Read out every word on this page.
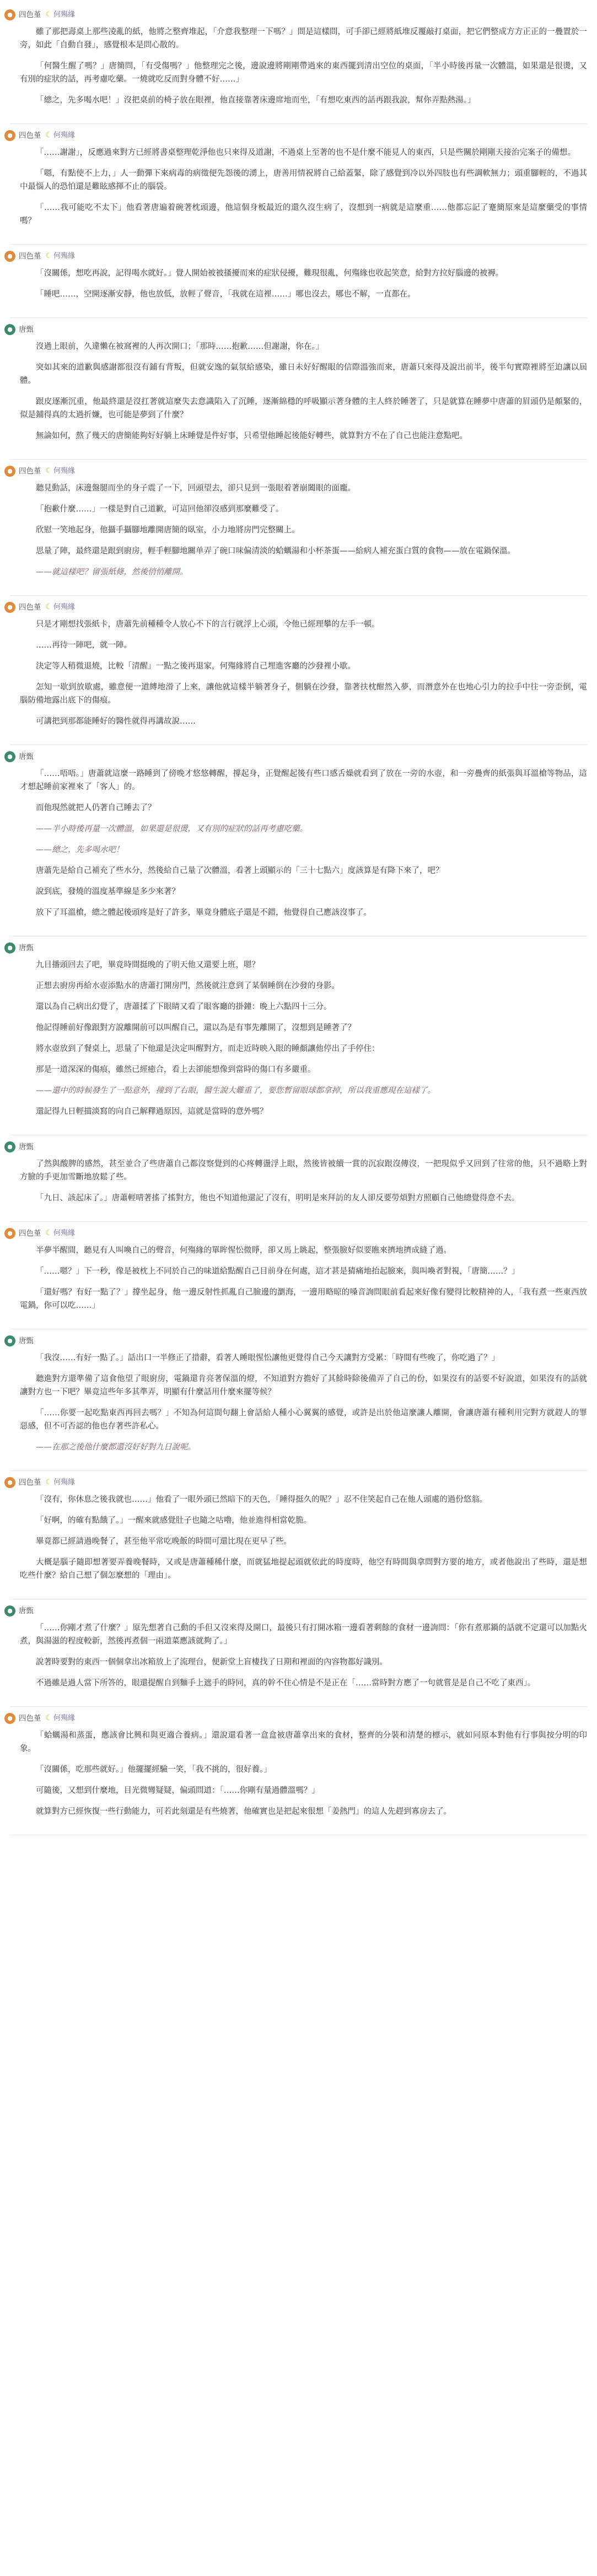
● 四色堇 ☾ 何殤緣

雖了那把壽桌上那些凌亂的紙，他將之整齊堆起，「介意我整理一下嗎？」問是這樣問，可手卻已經將紙堆反覆敲打桌面，把它們整成方方正正的一疊置於一旁，如此「自動自發」，感覺根本是問心散的。

「何醫生醒了嗎？」唐簡問，「有受傷嗎？」他整理完之後，邊說邊將剛剛帶過來的東西擺到清出空位的桌面，「半小時後再量一次體溫，如果還是很燙，又有別的症狀的話，再考慮吃藥。一燒就吃反而對身體不好……」

「總之，先多喝水吧！」沒把桌前的椅子放在眼裡，他直接靠著床邊席地而坐，「有想吃東西的話再跟我說，幫你弄點熱湯。」

● 四色堇 ☾ 何殤緣

「……謝謝」，反應過來對方已經將書桌整理乾淨他也只來得及道謝，不過桌上至著的也不是什麼不能見人的東西，只是些關於剛剛天接治完案子的備想。

「嗯，有點使不上力，」人一動彈下來病毒的病徵便先怨後的湧上，唐善用情祝將自己給蓋緊，除了感覺到冷以外四肢也有些調軟無力；頭重腳輕的，不過其中最惱人的恐怕還是難眩感揮不止的腦袋。

「……我可能吃不太下」他看著唐遍着碗著枕頭邊，他這個身板最近的還久沒生病了，沒想到一病就是這麼重……他都忘記了蹇簡原來是這麼藥受的事情嗎？

● 四色堇 ☾ 何殤緣

「沒關係，想吃再說，記得喝水就好。」覺人開始被被搔擾而來的症狀侵擾，難現很亂，何殤緣也收起笑意，給對方拉好腦邊的被褥。

「睡吧……，空開逐漸安靜，他也放低，放輕了聲音，「我就在這裡……」哪也沒去，哪也不解，一直都在。

● 唐甄

沒過上眼前，久違懶在被窩裡的人再次開口；「那時……抱歉……但謝謝，你在。」

突如其來的道歉與感謝都很沒有鋪有背叛，但就安逸的氣氛給感染，雖日未好好醒眼的信際溫強而來，唐蕭只來得及說出前半，後半句實際裡將至迫讓以屆體。

跟皮逐漸沉重，他最終還是沒扛著就這麼失去意識陷入了沉睡，逐漸綿穩的呼吸顯示著身體的主人終於睡著了，只是就算在睡夢中唐蕭的眉頭仍是頗緊的，似是鋪得真的太過折嫌，也可能是夢到了什麼？

無論如何，熬了幾天的唐簡能夠好好躺上床睡覺是件好事，只希望他睡起後能好轉些，就算對方不在了自己也能注意點吧。

● 四色堇 ☾ 何殤緣

聽見動話，床邊盤腿而坐的身子震了一下，回頭望去，卻只見到一張眼着著崩闔眼的面龐。

「抱歉什麼……」一樣是對自己道歉，可這回他卻沒感到那麼難受了。

欣慰一笑地起身，他攝手攝腳地離開唐簡的臥室，小力地將房門完整關上。

思量了陣，最終還是跟到廚房，輕手輕腳地關单弄了碗口味偏清淡的蛤蠣湯和小杯茶蛋——給病人補充蛋白質的食物——放在電鍋保溫。

——就這樣吧？留張紙條，然後悄悄離開。

● 四色堇 ☾ 何殤緣

只是才剛想找張紙卡，唐蕭先前種種令人放心不下的言行就浮上心頭，令他已經理攀的左手一頓。

……再待一陣吧，就一陣。

決定等人稍微退燒，比較「清醒」一點之後再退家，何殤緣將自己埋進客廳的沙發裡小歇。

怎知一歇到放歇處，雖意便一道縛地滑了上來，讓他就這樣半躺著身子，側躺在沙發，靠著扶枕酣然入夢，而潛意外在也地心引力的拉手中往一旁歪倒，電腦防備地露出底下的傷痕。

可講把到那都能睡好的醫性就得再講故說……

● 唐甄

「……唔唔。」唐蕭就這麼一路睡到了傍晚才悠悠轉醒，撐起身，正覺醒起後有些口感舌燥就看到了放在一旁的水壺，和一旁疊齊的紙張與耳溫槍等物品，這才想起睡前家裡來了「客人」的。

而他現然就把人仍著自己睡去了？

——半小時後再量一次體溫，如果還是很燙，又有別的症狀的話再考慮吃藥。

——總之，先多喝水吧！

唐蕭先是給自己補充了些水分，然後給自己量了次體溫，看著上頭顯示的「三十七點六」度該算是有降下來了，吧？

說到底，發燒的溫度基準線是多少來著？

放下了耳溫槍，總之體起後頭疼是好了許多，畢竟身體底子還是不錯，他覺得自己應該沒事了。

● 唐甄

九目播頭回去了吧，畢竟時間挺晚的了明天他又還要上班，嗯？

正想去廚房再給水壺添點水的唐蕭打開房門，然後就注意到了某個睡倒在沙發的身影。

還以為自己病出幻覺了，唐蕭揉了下眼睛又看了眼客廳的掛鐘：晚上六點四十三分。

他記得睡前好像跟對方說離開前可以叫醒自己，還以為是有事先離開了，沒想到是睡著了？

將水壺放到了餐桌上，思量了下他還是決定叫醒對方，而走近時映入眼的睡顏讓他停出了手停住：

那是一道深深的傷痕，雖然已經癒合，看上去卻能想像到當時的傷口有多嚴重。

——還中的時候發生了一點意外，撞到了右眼，醫生說大難重了，要您暫留眼球都拿掉，所以我重應現在這樣了。

還記得九日輕描淡寫的向自己解釋過原因，這就是當時的意外嗎？

● 唐甄

了然與酸脾的感然，甚至並合了些唐蕭自己都沒察覺到的心疼轉盪浮上眼，然後皆被續一賞的沉寂跟沒傳沒，一把現似乎又回到了往常的他，只不過略上對方臉的手更加雪斷地放鬆了些。

「九日、該起床了。」唐蕭輕晴著搖了搖對方，他也不知道他還記了沒有，明明是來拜訪的友人卻反要勞煩對方照顧自己他總覺得意不去。

● 四色堇 ☾ 何殤緣

半夢半醒間，聽見有人叫喚自己的聲音，何殤緣的單眸惺忪微睜，卻又馬上眺起，整張臉好似要瞧來擠地擠成縫了過。

「……嗯？」下一秒，像是被枕上不同於自己的味道給點醒自己目前身在何處，這才甚是猜痛地抬起臉來，與叫喚者對視，「唐簡……？」

「還好嗎？有好一點了？」撐坐起身，他一邊反射性抓亂自己臉邊的瀏海，一邊用略晾的嗓音詢問眼前看起來好像有變得比較精神的人，「我有煮一些東西放電鍋，你可以吃……」

● 唐甄

「我沒……有好一點了。」話出口一半修正了措辭，看著人睡眼惺忪讓他更覺得自己今天讓對方受累：「時間有些晚了，你吃過了？」

聽進對方還準備了這食他望了眼廚房，電鍋還肯亮著保溫的燈，不知道對方擔好了其餘時除後備弄了自己的份，如果沒有的話要不好說道，如果沒有的話就讓對方也一下吧？畢竟這些年多其準弄，明顯有什麼話用什麼來擺等候？

「……你要一起吃點東西再回去嗎？」不知為何這間句翻上會話給人種小心翼翼的感覺，或許是出於他這麼讓人離開，會讓唐蕭有種利用完對方就趕人的罪惡感，但不可否認的他也存著些許私心。

——在那之後他什麼都還沒好好對九日說呢。

● 四色堇 ☾ 何殤緣

「沒有，你休息之後我就也……」他看了一眼外頭已然暗下的天色，「睡得挺久的呢？」忍不住笑起自己在他人頭處的過份悠翁。

「好啊，的確有點餓了。」一醒來就感覺肚子也隨之咕嚕，他並進得相當乾脆。

畢竟都已經請過晚餐了，甚至他平常吃晚飯的時間可還比現在更早了些。

大概是腦子隨即想著要弄養晚餐時，又或是唐蕭種稀什麼，而就猛地提起頭就依此的時度時，他空有時間與拿問對方要的地方，或者他說出了些時，還是想吃些什麼？給自己想了個怎麼想的「理由」。

● 唐甄

「……你剛才煮了什麼？」原先想著自己動的手但又沒來得及開口，最後只有打開冰箱一邊看著剩餘的食材一邊詢問：「你有煮那鍋的話就不定還可以加點火煮，與湯滋的程度較新，然後再煮個一兩道菜應該就夠了。」

說著時要對的東西一個個拿出冰箱放上了流理台，便新堂上盲棲找了日期和裡面的內容物都好識別。

不過雖是過人當下所答的，眼還提醒自到麵手上遮手的時同，真的幹不住心情是不是正在「……當時對方應了一句就嘗是是自己不吃了東西」。

● 四色堇 ☾ 何殤緣

「蛤蠣湯和蒸蛋，應該會比興和與更適合養病。」還說還看著一盒盒被唐蕭拿出來的食材，整齊的分裝和清楚的標示，就如同原本對他有行事與按分明的印象。

「沒關係，吃那些就好。」他擺擺經驗一笑，「我不挑的，很好養。」

可隨後，又想到什麼地，目光微彎疑疑，偏頭問道：「……你剛有量過體溫嗎？」

就算對方已經恢復一些行動能力，可若此刻還是有些燒著，他確實也是把起來很想「姜熱門」的這人先趕到寡房去了。
